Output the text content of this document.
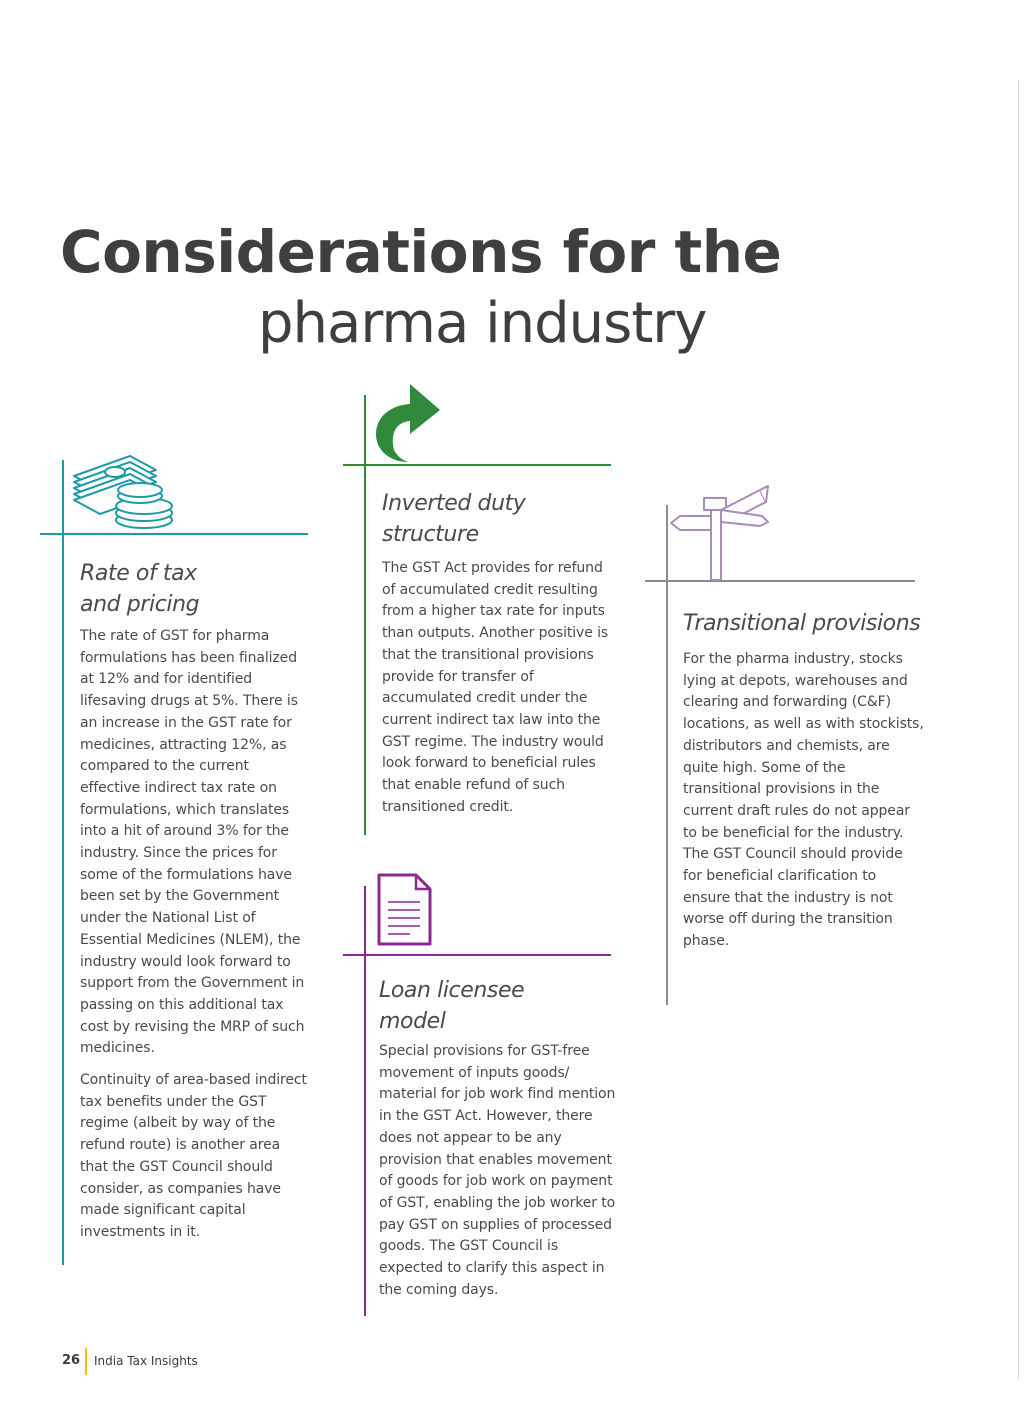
Considerations for the
pharma industry
Rate of tax
and pricing

The rate of GST for pharma formulations has been finalized at 12% and for identified lifesaving drugs at 5%. There is an increase in the GST rate for medicines, attracting 12%, as compared to the current effective indirect tax rate on formulations, which translates into a hit of around 3% for the industry. Since the prices for some of the formulations have been set by the Government under the National List of Essential Medicines (NLEM), the industry would look forward to support from the Government in passing on this additional tax cost by revising the MRP of such medicines.

Continuity of area-based indirect tax benefits under the GST regime (albeit by way of the refund route) is another area that the GST Council should consider, as companies have made significant capital investments in it.

Inverted duty
structure

The GST Act provides for refund of accumulated credit resulting from a higher tax rate for inputs than outputs. Another positive is that the transitional provisions provide for transfer of accumulated credit under the current indirect tax law into the GST regime. The industry would look forward to beneficial rules that enable refund of such transitioned credit.

Loan licensee
model

Special provisions for GST-free movement of inputs goods/ material for job work find mention in the GST Act. However, there does not appear to be any provision that enables movement of goods for job work on payment of GST, enabling the job worker to pay GST on supplies of processed goods. The GST Council is expected to clarify this aspect in the coming days.

Transitional provisions

For the pharma industry, stocks lying at depots, warehouses and clearing and forwarding (C&F) locations, as well as with stockists, distributors and chemists, are quite high. Some of the transitional provisions in the current draft rules do not appear to be beneficial for the industry. The GST Council should provide for beneficial clarification to ensure that the industry is not worse off during the transition phase.

26 India Tax Insights
